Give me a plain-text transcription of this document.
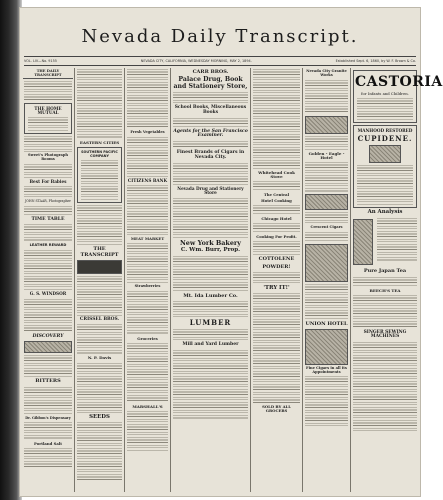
Nevada Daily Transcript.
VOL. LIV—No. 9155	NEVADA CITY, CALIFORNIA, WEDNESDAY MORNING, MAY 2, 1894.	Established Sept. 6, 1860, by W. F. Brown & Co.
THE DAILY TRANSCRIPT
THE HOME MUTUAL
Sweet's Photograph Rooms
Best For Babies
JOHN STAAR, Photographer
TIME TABLE
LEATHER REWARD
G. S. WINDSOR
DISCOVERY
BITTERS
Dr. Gibbon's Dispensary
Portland Salt
EASTERN CITIES
SOUTHERN PACIFIC COMPANY
THE TRANSCRIPT
CRISSEL BROS.
N. P. Davis
SEEDS
Fresh Vegetables
CITIZENS BANK
MEAT MARKET
Strawberries
Groceries
MARSHALL'S
CARR BROS.
Palace Drug, Book and Stationery Store,
School Books, Miscellaneous Books
Agents for the San Francisco Examiner.
Finest Brands of Cigars in Nevada City.
Nevada Drug and Stationery Store
New York Bakery
C. Wm. Burr, Prop.
Mt. Ida Lumber Co.
LUMBER
Mill and Yard Lumber
Whitehead Cook Stove
The Central
Hotel Cooking
Chicago Hotel
Cooking For Profit.
COTTOLENE
POWDER!
'TRY IT!'
SOLD BY ALL GROCERS
Nevada City Granite Works
Golden - Eagle - Hotel
Crescent Cigars
UNION HOTEL
Fine Cigars in all its Appointments
CASTORIA
for Infants and Children.
MANHOOD RESTORED
CUPIDENE.
An Analysis
Pure Japan Tea
BEECH'S TEA
SINGER SEWING MACHINES
